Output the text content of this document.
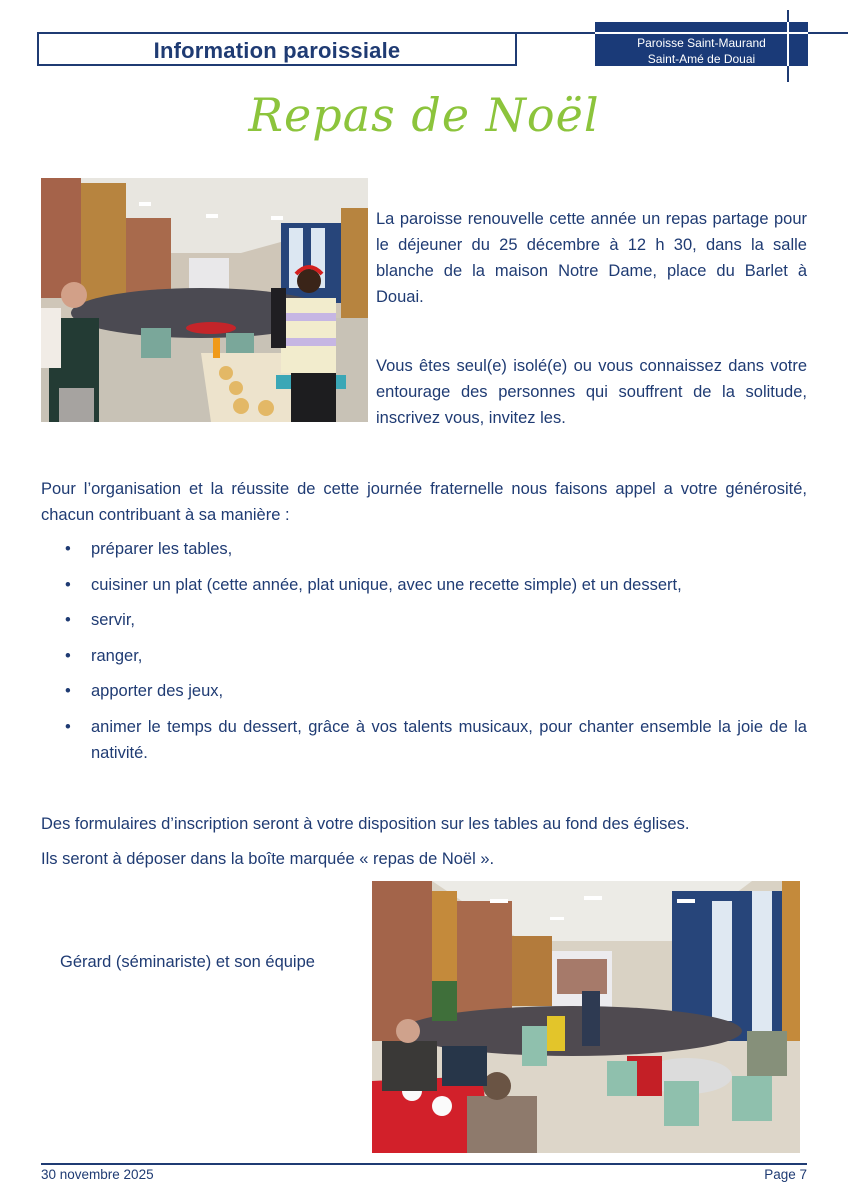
Information paroissiale	Paroisse Saint-Maurand
Saint-Amé de Douai
Repas de Noël

La paroisse renouvelle cette année un repas partage pour le déjeuner du 25 décembre à 12 h 30, dans la salle blanche de la maison Notre Dame, place du Barlet à Douai.

Vous êtes seul(e) isolé(e) ou vous connaissez dans votre entourage des personnes qui souffrent de la solitude, inscrivez vous, invitez les.

Pour l’organisation et la réussite de cette journée fraternelle nous faisons appel a votre générosité, chacun contribuant à sa manière :

• préparer les tables,
• cuisiner un plat (cette année, plat unique, avec une recette simple) et un dessert,
• servir,
• ranger,
• apporter des jeux,
• animer le temps du dessert, grâce à vos talents musicaux, pour chanter ensemble la joie de la nativité.

Des formulaires d’inscription seront à votre disposition sur les tables au fond des églises.

Ils seront à déposer dans la boîte marquée « repas de Noël ».

Gérard (séminariste) et son équipe
30 novembre 2025	Page 7
